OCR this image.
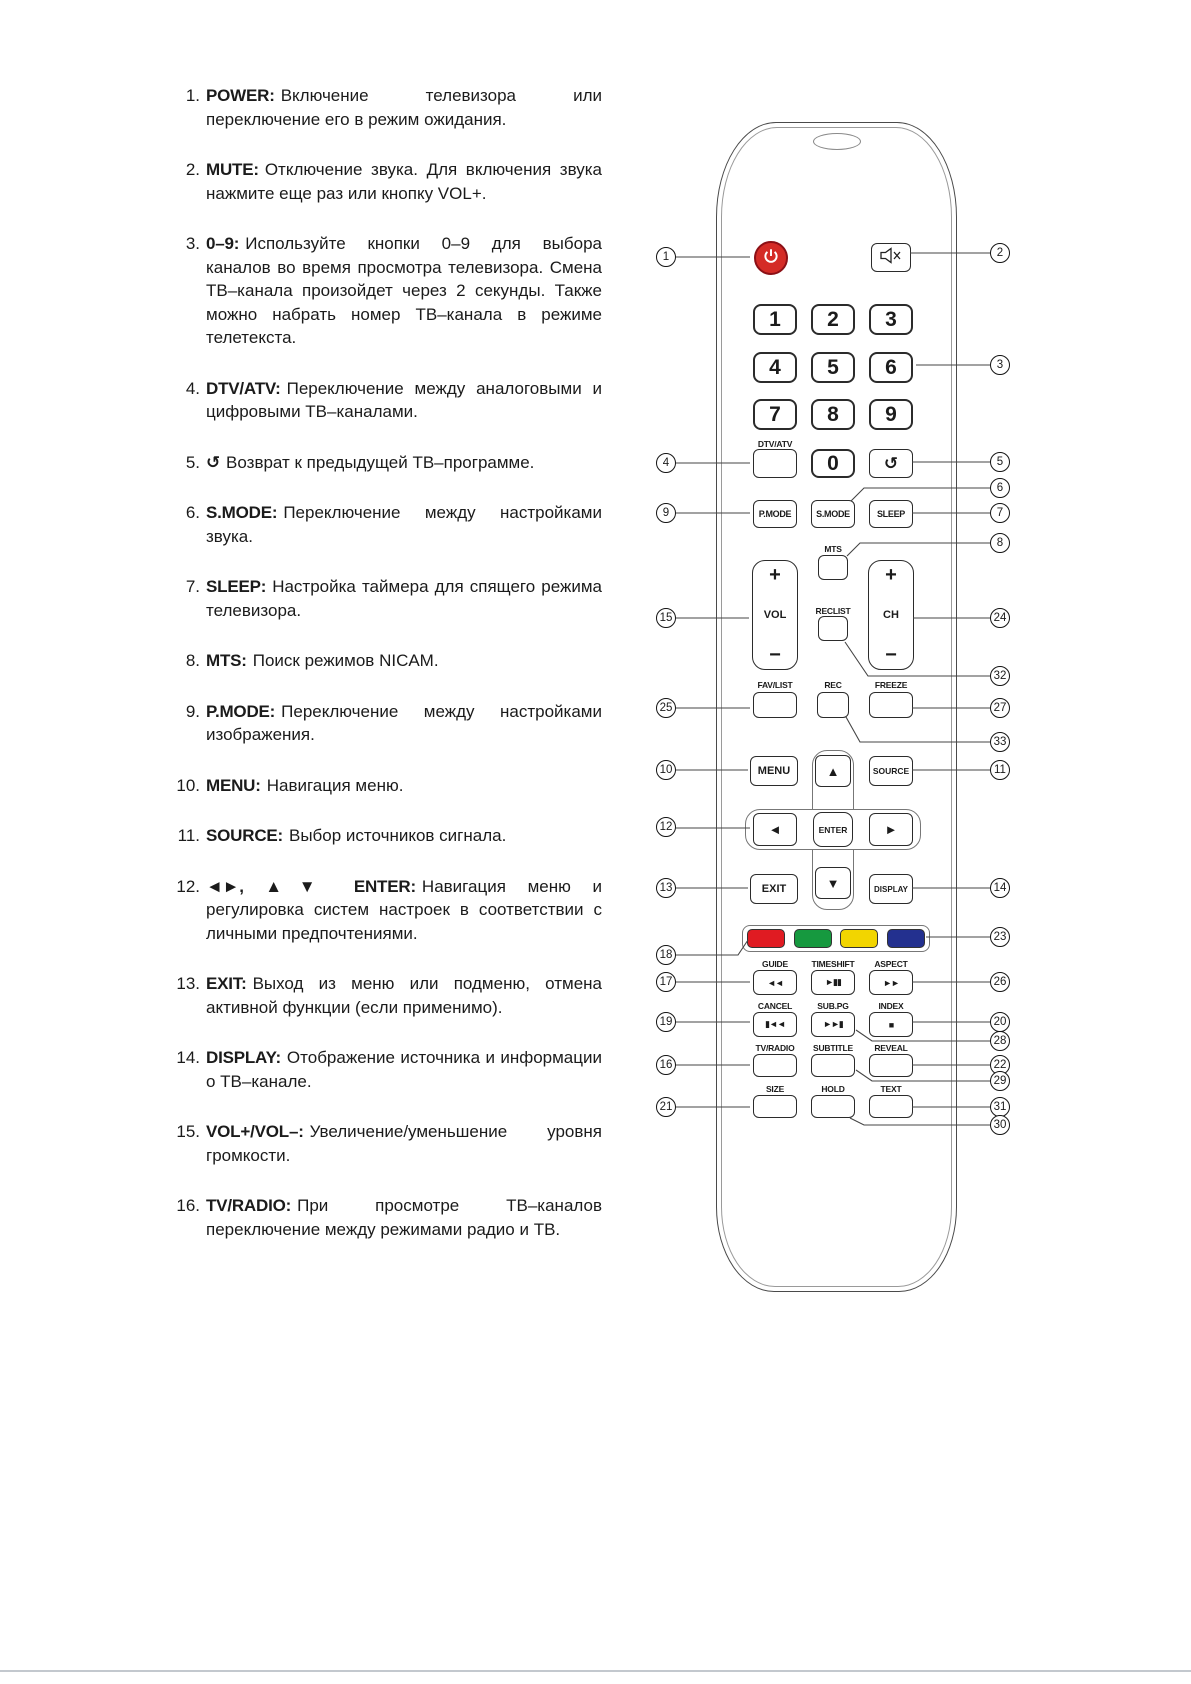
1. POWER: Включение телевизора или переключение его в режим ожидания.
2. MUTE: Отключение звука. Для включения звука нажмите еще раз или кнопку VOL+.
3. 0–9: Используйте кнопки 0–9 для выбора каналов во время просмотра телевизора. Смена ТВ–канала произойдет через 2 секунды. Также можно набрать номер ТВ–канала в режиме телетекста.
4. DTV/ATV: Переключение между аналоговыми и цифровыми ТВ–каналами.
5. ↺ Возврат к предыдущей ТВ–программе.
6. S.MODE: Переключение между настройками звука.
7. SLEEP: Настройка таймера для спящего режима телевизора.
8. MTS: Поиск режимов NICAM.
9. P.MODE: Переключение между настройками изображения.
10. MENU: Навигация меню.
11. SOURCE: Выбор источников сигнала.
12. ◄►, ▲▼ ENTER: Навигация меню и регулировка систем настроек в соответствии с личными предпочтениями.
13. EXIT: Выход из меню или подменю, отмена активной функции (если применимо).
14. DISPLAY: Отображение источника и информации о ТВ–канале.
15. VOL+/VOL–: Увеличение/уменьшение уровня громкости.
16. TV/RADIO: При просмотре ТВ–каналов переключение между режимами радио и ТВ.
1	2	3
4	5	6
7	8	9
DTV/ATV
0	↺
P.MODE	S.MODE	SLEEP
MTS
+
VOL
−
RECLIST
+
CH
−
FAV/LIST	REC	FREEZE
MENU	▲	SOURCE
◄	ENTER	►
▼
EXIT	DISPLAY
GUIDE	TIMESHIFT	ASPECT
◄◄	►▮▮	►►
CANCEL	SUB.PG	INDEX
▮◄◄	►►▮	■
TV/RADIO	SUBTITLE	REVEAL
SIZE	HOLD	TEXT
1
4
9
15
25
10
12
13
18
17
19
16
21
2
3
5
6
7
8
24
32
27
33
11
14
23
26
20
28
22
29
31
30
